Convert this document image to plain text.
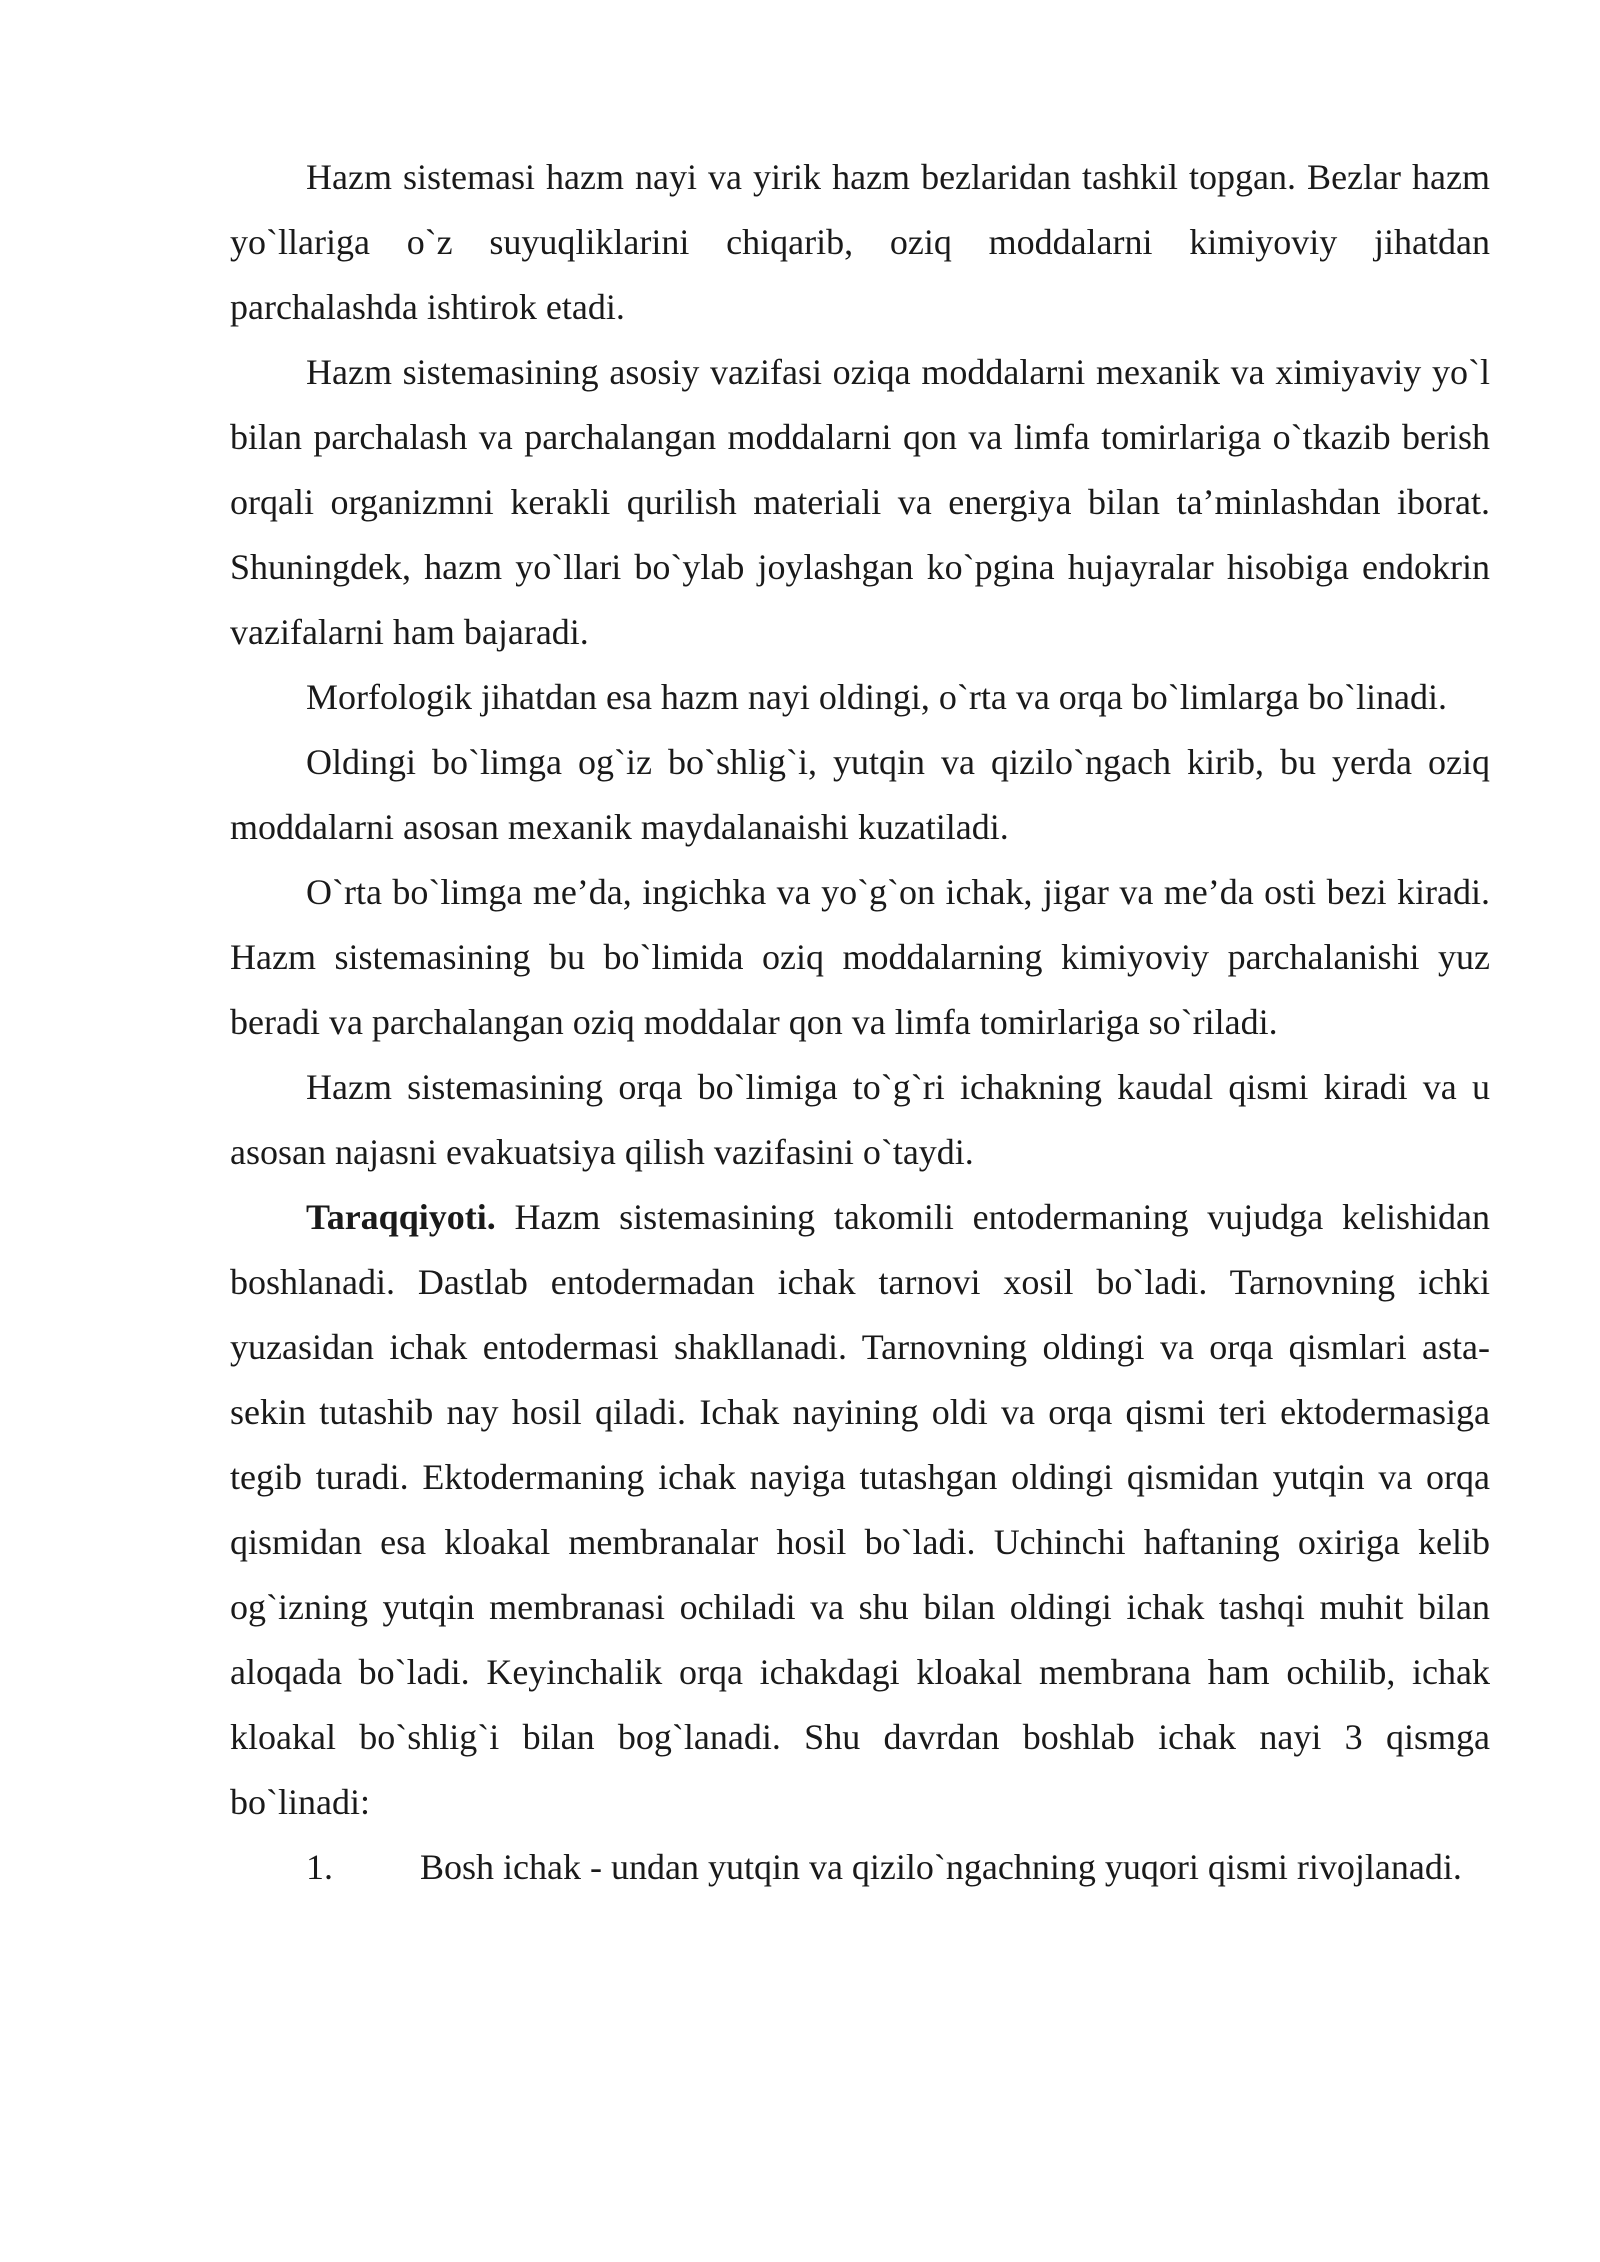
Hazm sistemasi hazm nayi va yirik hazm bezlaridan tashkil topgan. Bezlar hazm yo`llariga o`z suyuqliklarini chiqarib, oziq moddalarni kimiyoviy jihatdan parchalashda ishtirok etadi.

Hazm sistemasining asosiy vazifasi oziqa moddalarni mexanik va ximiyaviy yo`l bilan parchalash va parchalangan moddalarni qon va limfa tomirlariga o`tkazib berish orqali organizmni kerakli qurilish materiali va energiya bilan ta’minlashdan iborat. Shuningdek, hazm yo`llari bo`ylab joylashgan ko`pgina hujayralar hisobiga endokrin vazifalarni ham bajaradi.

Morfologik jihatdan esa hazm nayi oldingi, o`rta va orqa bo`limlarga bo`linadi.

Oldingi bo`limga og`iz bo`shlig`i, yutqin va qizilo`ngach kirib, bu yerda oziq moddalarni asosan mexanik maydalanaishi kuzatiladi.

O`rta bo`limga me’da, ingichka va yo`g`on ichak, jigar va me’da osti bezi kiradi. Hazm sistemasining bu bo`limida oziq moddalarning kimiyoviy parchalanishi yuz beradi va parchalangan oziq moddalar qon va limfa tomirlariga so`riladi.

Hazm sistemasining orqa bo`limiga to`g`ri ichakning kaudal qismi kiradi va u asosan najasni evakuatsiya qilish vazifasini o`taydi.

Taraqqiyoti. Hazm sistemasining takomili entodermaning vujudga kelishidan boshlanadi. Dastlab entodermadan ichak tarnovi xosil bo`ladi. Tarnovning ichki yuzasidan ichak entodermasi shakllanadi. Tarnovning oldingi va orqa qismlari asta-sekin tutashib nay hosil qiladi. Ichak nayining oldi va orqa qismi teri ektodermasiga tegib turadi. Ektodermaning ichak nayiga tutashgan oldingi qismidan yutqin va orqa qismidan esa kloakal membranalar hosil bo`ladi. Uchinchi haftaning oxiriga kelib og`izning yutqin membranasi ochiladi va shu bilan oldingi ichak tashqi muhit bilan aloqada bo`ladi. Keyinchalik orqa ichakdagi kloakal membrana ham ochilib, ichak kloakal bo`shlig`i bilan bog`lanadi. Shu davrdan boshlab ichak nayi 3 qismga bo`linadi:

1. Bosh ichak - undan yutqin va qizilo`ngachning yuqori qismi rivojlanadi.
